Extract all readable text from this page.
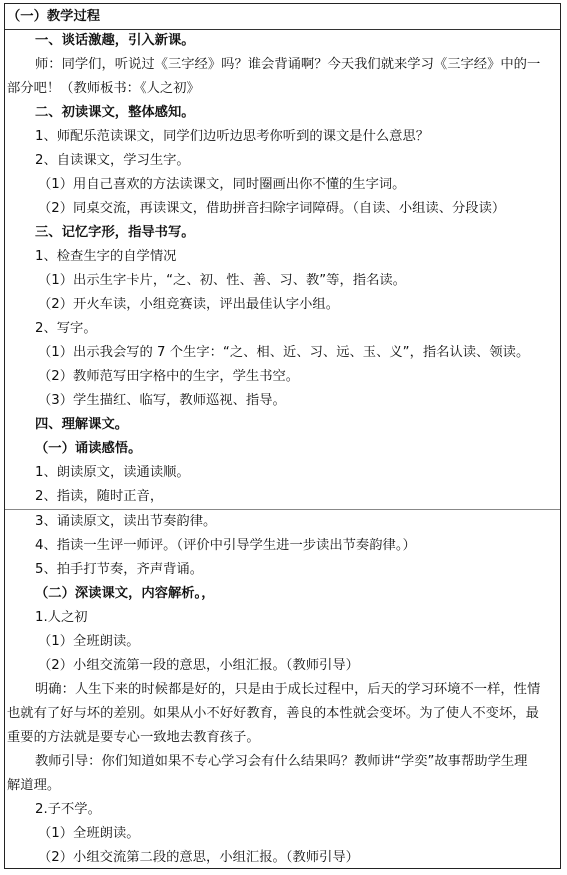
（一）教学过程
一、谈话激趣，引入新课。
师：同学们，听说过《三字经》吗？谁会背诵啊？今天我们就来学习《三字经》中的一
部分吧！（教师板书：《人之初》
二、初读课文，整体感知。
1、师配乐范读课文，同学们边听边思考你听到的课文是什么意思？
2、自读课文，学习生字。
（1）用自己喜欢的方法读课文，同时圈画出你不懂的生字词。
（2）同桌交流，再读课文，借助拼音扫除字词障碍。（自读、小组读、分段读）
三、记忆字形，指导书写。
1、检查生字的自学情况
（1）出示生字卡片，“之、初、性、善、习、教”等，指名读。
（2）开火车读，小组竞赛读，评出最佳认字小组。
2、写字。
（1）出示我会写的 7 个生字：“之、相、近、习、远、玉、义”，指名认读、领读。
（2）教师范写田字格中的生字，学生书空。
（3）学生描红、临写，教师巡视、指导。
四、理解课文。
（一）诵读感悟。
1、朗读原文，读通读顺。
2、指读，随时正音，
3、诵读原文，读出节奏韵律。
4、指读一生评一师评。（评价中引导学生进一步读出节奏韵律。）
5、拍手打节奏，齐声背诵。
（二）深读课文，内容解析。，
1.人之初
（1）全班朗读。
（2）小组交流第一段的意思，小组汇报。（教师引导）
明确：人生下来的时候都是好的，只是由于成长过程中，后天的学习环境不一样，性情
也就有了好与坏的差别。如果从小不好好教育，善良的本性就会变坏。为了使人不变坏，最
重要的方法就是要专心一致地去教育孩子。
教师引导：你们知道如果不专心学习会有什么结果吗？教师讲“学奕”故事帮助学生理
解道理。
2.子不学。
（1）全班朗读。
（2）小组交流第二段的意思，小组汇报。（教师引导）
